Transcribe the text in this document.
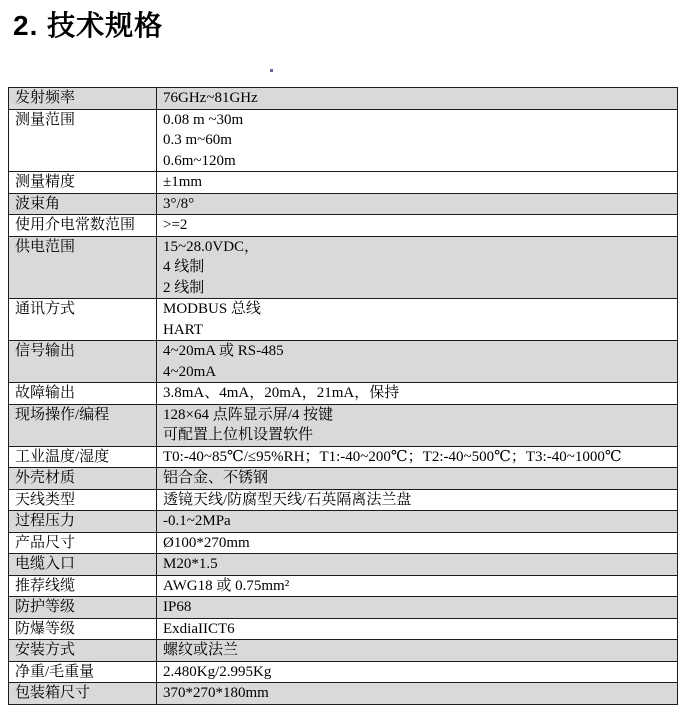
2. 技术规格
发射频率	76GHz~81GHz

测量范围	0.08 m ~30m
0.3 m~60m
0.6m~120m

测量精度	±1mm

波束角	3°/8°

使用介电常数范围	>=2

供电范围	15~28.0VDC，
4 线制
2 线制

通讯方式	MODBUS 总线
HART

信号输出	4~20mA 或 RS-485
4~20mA

故障输出	3.8mA、4mA，20mA，21mA，保持

现场操作/编程	128×64 点阵显示屏/4 按键
可配置上位机设置软件

工业温度/湿度	T0:-40~85℃/≤95%RH；T1:-40~200℃；T2:-40~500℃；T3:-40~1000℃

外壳材质	铝合金、不锈钢

天线类型	透镜天线/防腐型天线/石英隔离法兰盘

过程压力	-0.1~2MPa

产品尺寸	Ø100*270mm

电缆入口	M20*1.5

推荐线缆	AWG18 或 0.75mm²

防护等级	IP68

防爆等级	ExdiaIICT6

安装方式	螺纹或法兰

净重/毛重量	2.480Kg/2.995Kg

包装箱尺寸	370*270*180mm
